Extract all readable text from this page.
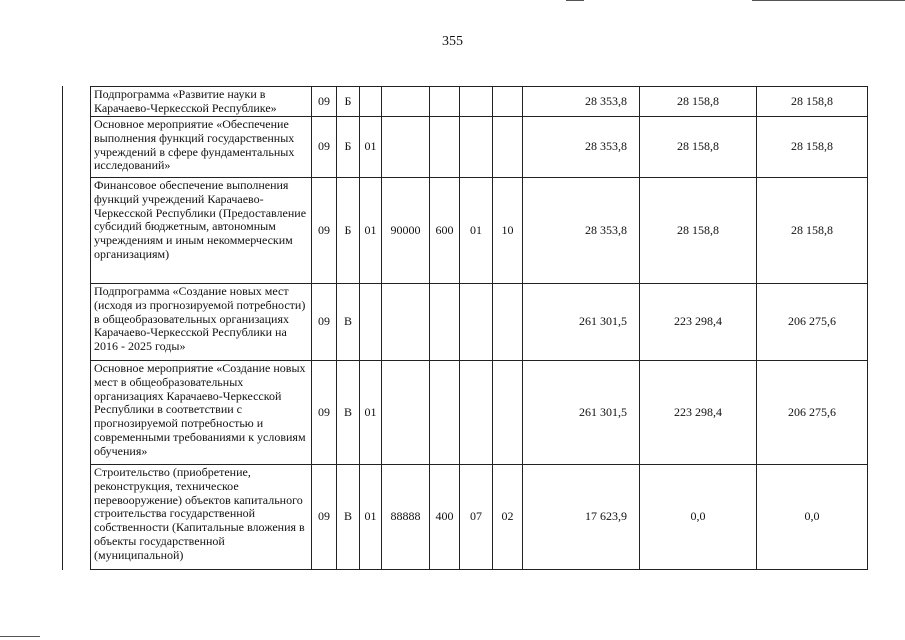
355
Подпрограмма «Развитие науки в Карачаево-Черкесской Республике»	09	Б						28 353,8	28 158,8	28 158,8
Основное мероприятие «Обеспечение выполнения функций государственных учреждений в сфере фундаментальных исследований»	09	Б	01					28 353,8	28 158,8	28 158,8
Финансовое обеспечение выполнения функций учреждений Карачаево-Черкесской Республики (Предоставление субсидий бюджетным, автономным учреждениям и иным некоммерческим организациям)	09	Б	01	90000	600	01	10	28 353,8	28 158,8	28 158,8
Подпрограмма «Создание новых мест (исходя из прогнозируемой потребности) в общеобразовательных организациях Карачаево-Черкесской Республики на 2016 - 2025 годы»	09	В						261 301,5	223 298,4	206 275,6
Основное мероприятие «Создание новых мест в общеобразовательных организациях Карачаево-Черкесской Республики в соответствии с прогнозируемой потребностью и современными требованиями к условиям обучения»	09	В	01					261 301,5	223 298,4	206 275,6
Строительство (приобретение, реконструкция, техническое перевооружение) объектов капитального строительства государственной собственности (Капитальные вложения в объекты государственной (муниципальной)	09	В	01	88888	400	07	02	17 623,9	0,0	0,0
